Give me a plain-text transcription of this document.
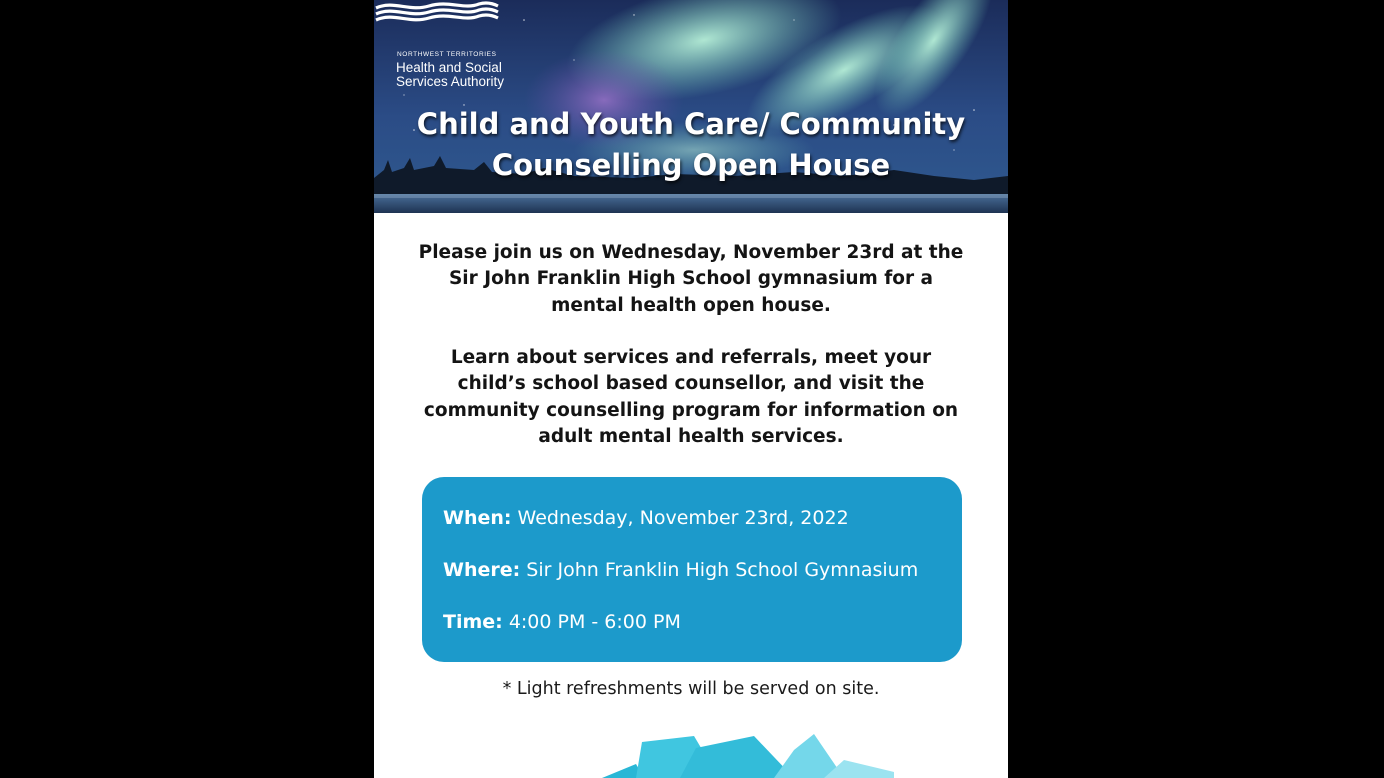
NORTHWEST TERRITORIES
Health and Social Services Authority
Child and Youth Care/ Community Counselling Open House

Please join us on Wednesday, November 23rd at the Sir John Franklin High School gymnasium for a mental health open house.

Learn about services and referrals, meet your child’s school based counsellor, and visit the community counselling program for information on adult mental health services.

When: Wednesday, November 23rd, 2022
Where: Sir John Franklin High School Gymnasium
Time: 4:00 PM - 6:00 PM

* Light refreshments will be served on site.
